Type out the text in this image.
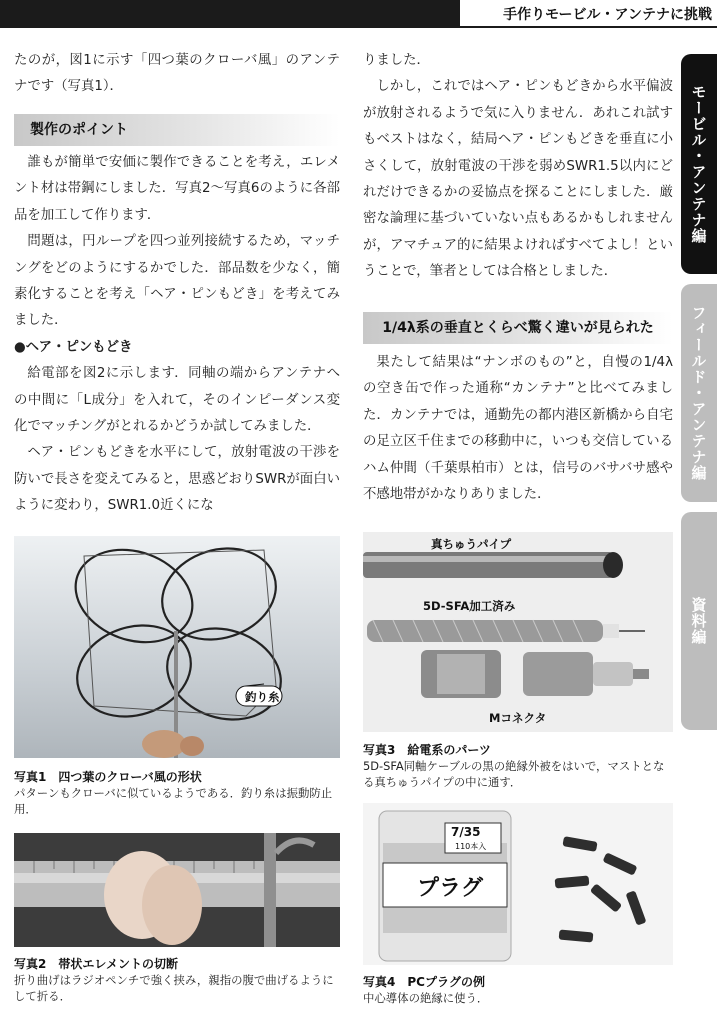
手作りモービル・アンテナに挑戦
モービル・アンテナ編
フィールド・アンテナ編
資料編

たのが，図1に示す「四つ葉のクローバ風」のアンテナです（写真1）．

製作のポイント

誰もが簡単で安価に製作できることを考え，エレメント材は帯鋼にしました．写真2〜写真6のように各部品を加工して作ります．

問題は，円ループを四つ並列接続するため，マッチングをどのようにするかでした．部品数を少なく，簡素化することを考え「ヘア・ピンもどき」を考えてみました．

●ヘア・ピンもどき

給電部を図2に示します．同軸の端からアンテナへの中間に「L成分」を入れて，そのインピーダンス変化でマッチングがとれるかどうか試してみました．

ヘア・ピンもどきを水平にして，放射電波の干渉を防いで長さを変えてみると，思惑どおりSWRが面白いように変わり，SWR1.0近くにな

りました．

しかし，これではヘア・ピンもどきから水平偏波が放射されるようで気に入りません．あれこれ試すもベストはなく，結局ヘア・ピンもどきを垂直に小さくして，放射電波の干渉を弱めSWR1.5以内にどれだけできるかの妥協点を探ることにしました．厳密な論理に基づいていない点もあるかもしれませんが，アマチュア的に結果よければすべてよし！ということで，筆者としては合格としました．

1/4λ系の垂直とくらべ驚く違いが見られた

果たして結果は“ナンボのもの”と，自慢の1/4λの空き缶で作った通称“カンテナ”と比べてみました．カンテナでは，通勤先の都内港区新橋から自宅の足立区千住までの移動中に，いつも交信しているハム仲間（千葉県柏市）とは，信号のバサバサ感や不感地帯がかなりありました．

釣り糸
写真1　四つ葉のクローバ風の形状
パターンもクローバに似ているようである．釣り糸は振動防止用．
写真2　帯状エレメントの切断
折り曲げはラジオペンチで強く挟み，親指の腹で曲げるようにして折る．
真ちゅうパイプ
5D-SFA加工済み
Mコネクタ
写真3　給電系のパーツ
5D-SFA同軸ケーブルの黒の絶縁外被をはいで，マストとなる真ちゅうパイプの中に通す．
7/35
110本入
プラグ
写真4　PCプラグの例
中心導体の絶縁に使う．
